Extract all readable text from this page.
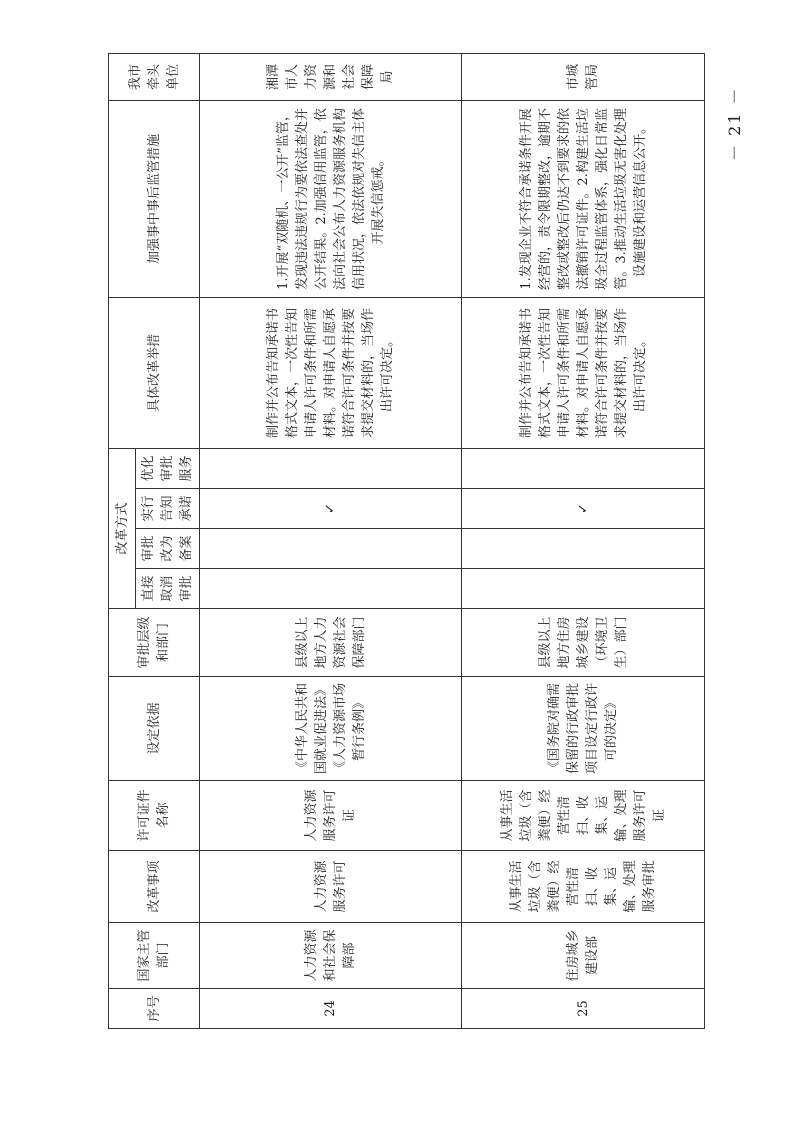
序号	国家主管部门	改革事项	许可证件名称	设定依据	审批层级和部门	改革方式				具体改革举措	加强事中事后监管措施	我市牵头单位
						直接取消审批	审批改为备案	实行告知承诺	优化审批服务			
24	人力资源和社会保障部	人力资源服务许可	人力资源服务许可证	《中华人民共和国就业促进法》《人力资源市场暂行条例》	县级以上地方人力资源社会保障部门			✓		制作并公布告知承诺书格式文本，一次性告知申请人许可条件和所需材料。对申请人自愿承诺符合许可条件并按要求提交材料的，当场作出许可决定。	1.开展“双随机、一公开”监管，发现违法违规行为要依法查处并公开结果。2.加强信用监管，依法向社会公布人力资源服务机构信用状况，依法依规对失信主体开展失信惩戒。	湘潭市人力资源和社会保障局
25	住房城乡建设部	从事生活垃圾（含粪便）经营性清扫、收集、运输、处理服务审批	从事生活垃圾（含粪便）经营性清扫、收集、运输、处理服务许可证	《国务院对确需保留的行政审批项目设定行政许可的决定》	县级以上地方住房城乡建设（环境卫生）部门			✓		制作并公布告知承诺书格式文本，一次性告知申请人许可条件和所需材料。对申请人自愿承诺符合许可条件并按要求提交材料的，当场作出许可决定。	1.发现企业不符合承诺条件开展经营的，责令限期整改，逾期不整改或整改后仍达不到要求的依法撤销许可证件。2.构建生活垃圾全过程监管体系，强化日常监管。3.推动生活垃圾无害化处理设施建设和运营信息公开。	市城管局
－ 21 －
